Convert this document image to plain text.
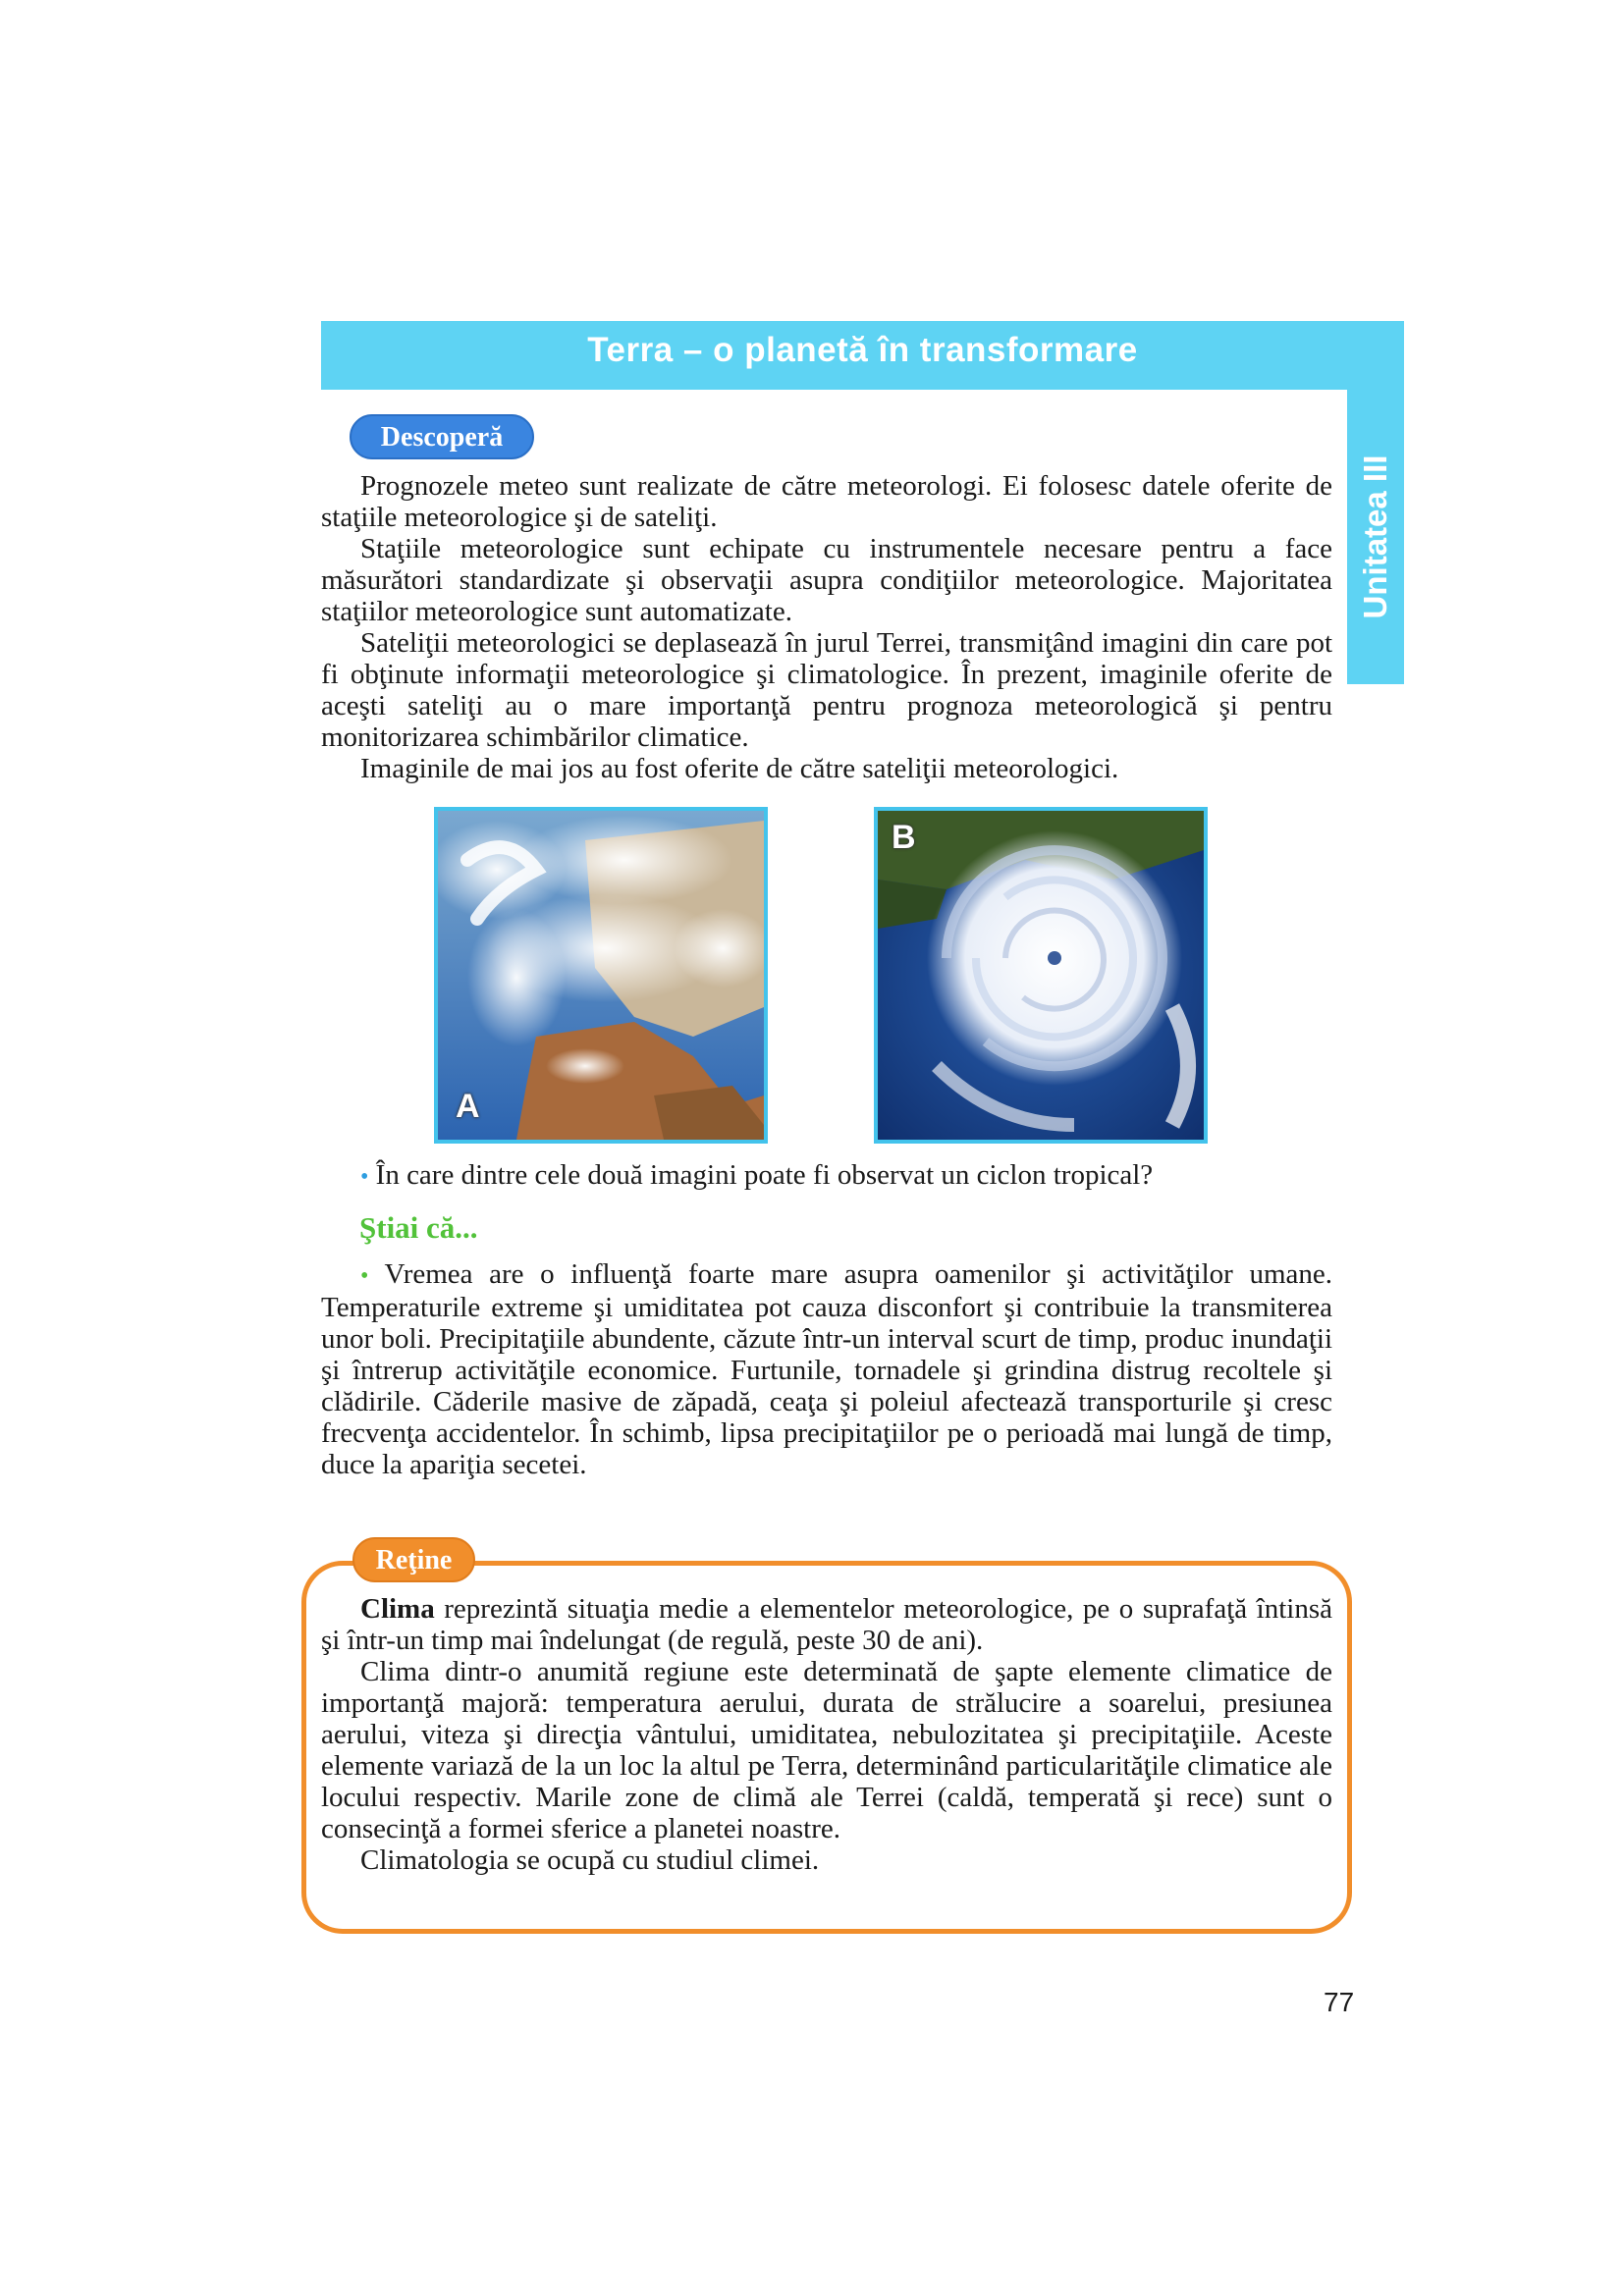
Terra – o planetă în transformare
Unitatea III
Descoperă

Prognozele meteo sunt realizate de către meteorologi. Ei folosesc datele oferite de staţiile meteorologice şi de sateliţi.

Staţiile meteorologice sunt echipate cu instrumentele necesare pentru a face măsurători standardizate şi observaţii asupra condiţiilor meteorologice. Majoritatea staţiilor meteorologice sunt automatizate.

Sateliţii meteorologici se deplasează în jurul Terrei, transmiţând imagini din care pot fi obţinute informaţii meteorologice şi climatologice. În prezent, imaginile oferite de aceşti sateliţi au o mare importanţă pentru prognoza meteorologică şi pentru monitorizarea schimbărilor climatice.

Imaginile de mai jos au fost oferite de către sateliţii meteorologici.

A
B
• În care dintre cele două imagini poate fi observat un ciclon tropical?
Ştiai că...

• Vremea are o influenţă foarte mare asupra oamenilor şi activităţilor umane. Temperaturile extreme şi umiditatea pot cauza disconfort şi contribuie la transmiterea unor boli. Precipitaţiile abundente, căzute într-un interval scurt de timp, produc inundaţii şi întrerup activităţile economice. Furtunile, tornadele şi grindina distrug recoltele şi clădirile. Căderile masive de zăpadă, ceaţa şi poleiul afectează transporturile şi cresc frecvenţa accidentelor. În schimb, lipsa precipitaţiilor pe o perioadă mai lungă de timp, duce la apariţia secetei.

Reţine

Clima reprezintă situaţia medie a elementelor meteorologice, pe o suprafaţă întinsă şi într-un timp mai îndelungat (de regulă, peste 30 de ani).

Clima dintr-o anumită regiune este determinată de şapte elemente climatice de importanţă majoră: temperatura aerului, durata de strălucire a soarelui, presiunea aerului, viteza şi direcţia vântului, umiditatea, nebulozitatea şi precipitaţiile. Aceste elemente variază de la un loc la altul pe Terra, determinând particularităţile climatice ale locului respectiv. Marile zone de climă ale Terrei (caldă, temperată şi rece) sunt o consecinţă a formei sferice a planetei noastre.

Climatologia se ocupă cu studiul climei.

77
